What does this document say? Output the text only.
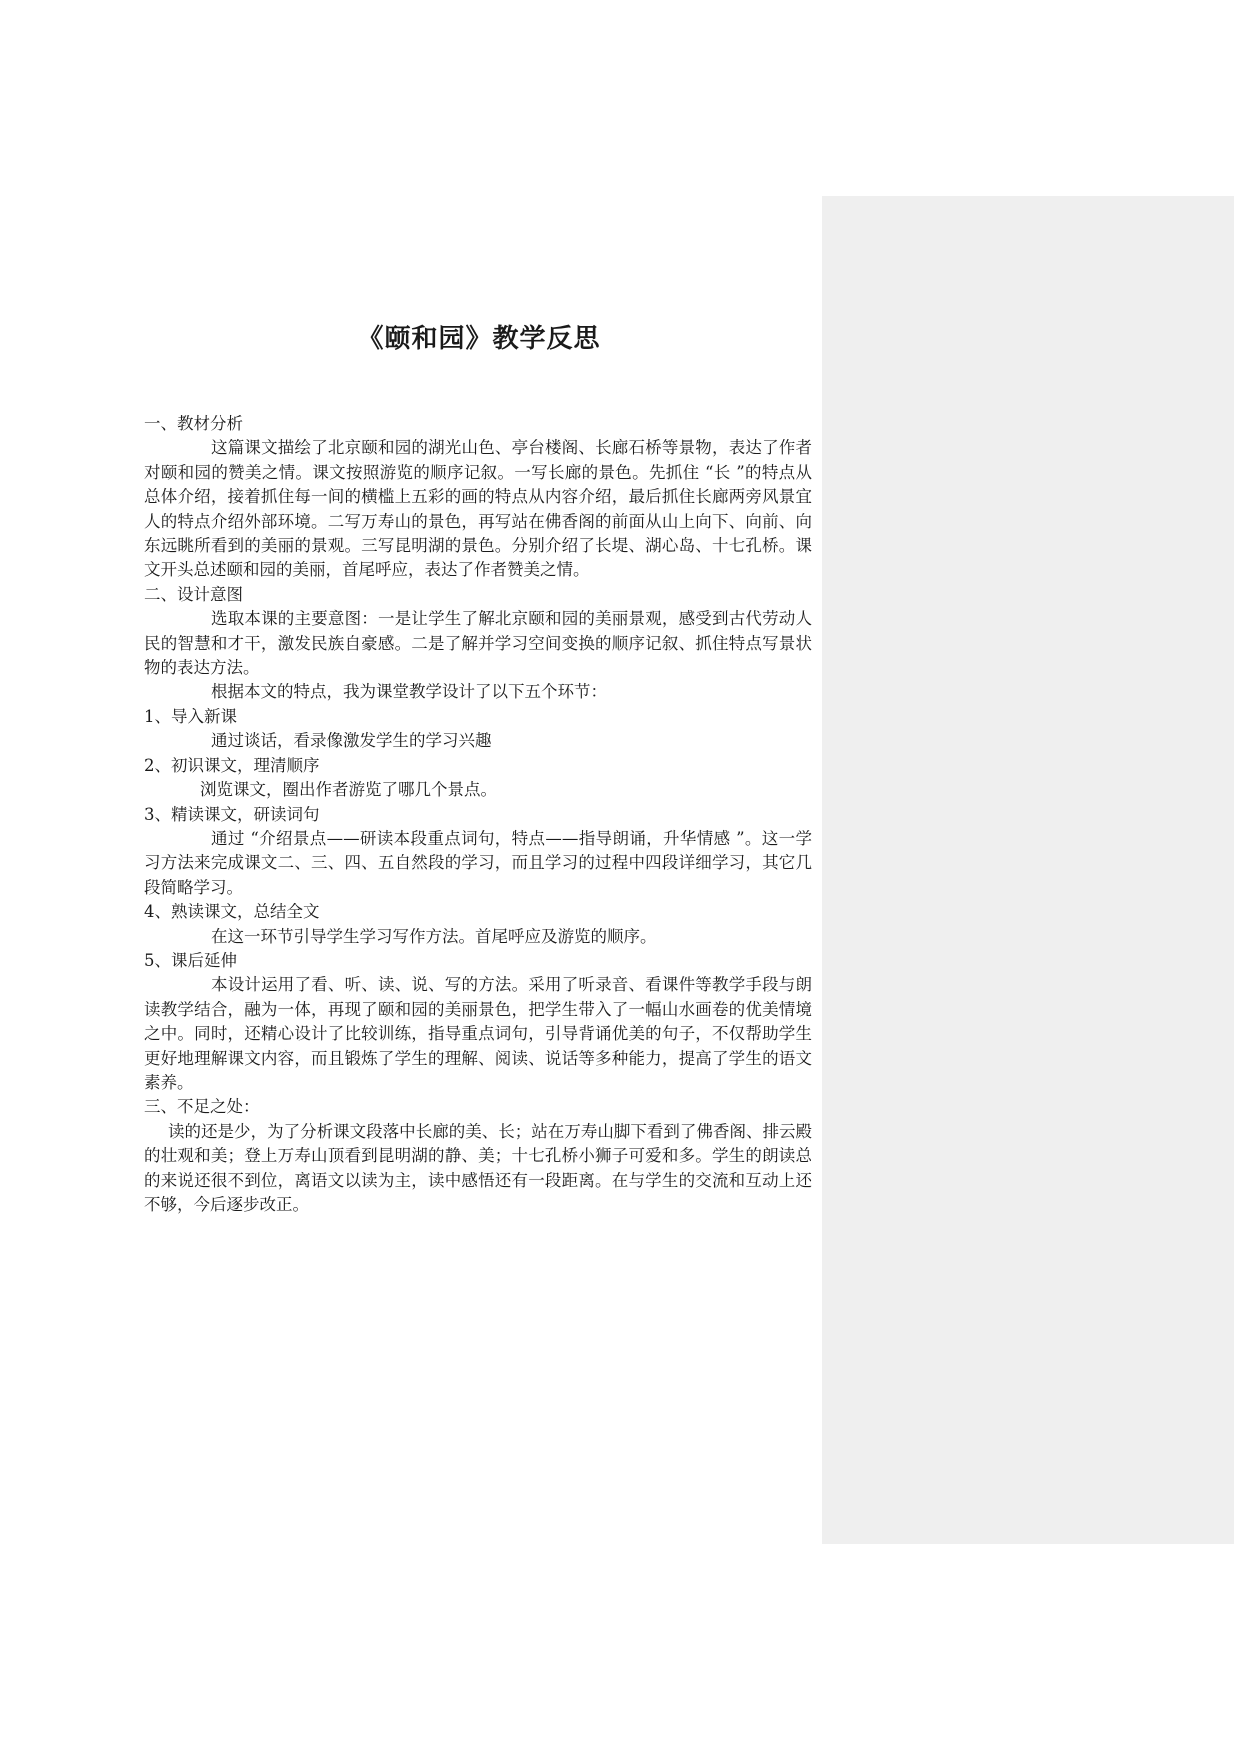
《颐和园》教学反思

一、教材分析

这篇课文描绘了北京颐和园的湖光山色、亭台楼阁、长廊石桥等景物，表达了作者对颐和园的赞美之情。课文按照游览的顺序记叙。一写长廊的景色。先抓住 “长 ”的特点从总体介绍，接着抓住每一间的横槛上五彩的画的特点从内容介绍，最后抓住长廊两旁风景宜人的特点介绍外部环境。二写万寿山的景色，再写站在佛香阁的前面从山上向下、向前、向东远眺所看到的美丽的景观。三写昆明湖的景色。分别介绍了长堤、湖心岛、十七孔桥。课文开头总述颐和园的美丽，首尾呼应，表达了作者赞美之情。

二、设计意图

选取本课的主要意图：一是让学生了解北京颐和园的美丽景观，感受到古代劳动人民的智慧和才干，激发民族自豪感。二是了解并学习空间变换的顺序记叙、抓住特点写景状物的表达方法。

根据本文的特点，我为课堂教学设计了以下五个环节：

1、导入新课

通过谈话，看录像激发学生的学习兴趣

2、初识课文，理清顺序

浏览课文，圈出作者游览了哪几个景点。

3、精读课文，研读词句

通过 “介绍景点——研读本段重点词句，特点——指导朗诵，升华情感 ”。这一学习方法来完成课文二、三、四、五自然段的学习，而且学习的过程中四段详细学习，其它几段简略学习。

4、熟读课文，总结全文

在这一环节引导学生学习写作方法。首尾呼应及游览的顺序。

5、课后延伸

本设计运用了看、听、读、说、写的方法。采用了听录音、看课件等教学手段与朗读教学结合，融为一体，再现了颐和园的美丽景色，把学生带入了一幅山水画卷的优美情境之中。同时，还精心设计了比较训练，指导重点词句，引导背诵优美的句子，不仅帮助学生更好地理解课文内容，而且锻炼了学生的理解、阅读、说话等多种能力，提高了学生的语文素养。

三、不足之处：

读的还是少，为了分析课文段落中长廊的美、长；站在万寿山脚下看到了佛香阁、排云殿的壮观和美；登上万寿山顶看到昆明湖的静、美；十七孔桥小狮子可爱和多。学生的朗读总的来说还很不到位，离语文以读为主，读中感悟还有一段距离。在与学生的交流和互动上还不够，今后逐步改正。
